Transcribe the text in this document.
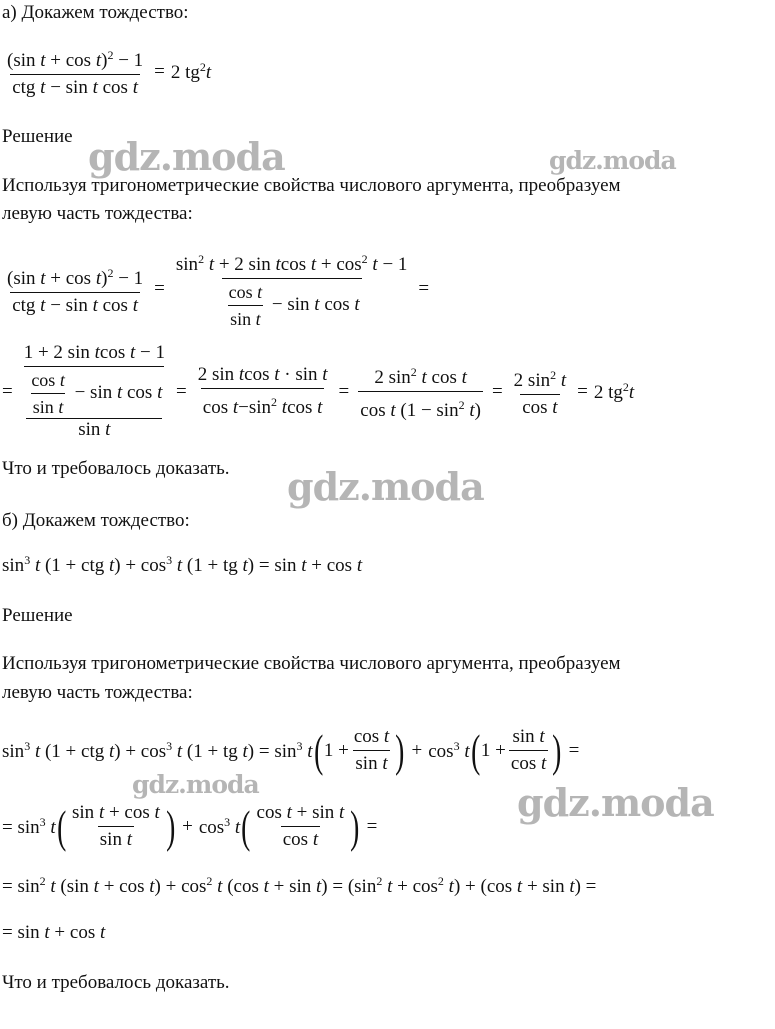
а) Докажем тождество:
$\frac{(\sin t + \cos t)^2 - 1}{\text{ctg t − sin t cos t}} = 2$ $tg^2t$
Решение
Используя тригонометрические свойства числового аргумента, преобразуем
левую часть тождества:
$\frac{(\sin t + \cos t)^2 - 1}{\text{ctg t − sin t cos t}} = \frac{\sin^2 t + 2 \sin tcos t + \cos^2 t - 1}{\frac{\text{cos t}}{\text{sin t}} - \sin t \cos t}$ =
=
1 + 2 sin tcos t − 1
$\frac{\text{cos t}}{\text{sin t}} - \sin t$ cos t

sin t
= $\frac{\text{2 sin tcos t · sin t}}{\cos t-\sin^2 tcos t} = \frac{2 \sin^2 t \cos t}{\cos t (1 - \sin^2 t)} = \frac{2 \sin^2 t}{\text{cos t}} = 2$ $tg^2t$
Что и требовалось доказать.
б) Докажем тождество:
$\sin^3 t$ (1 + ctg $t) + \cos^3 t$ (1 + tg t) = sin t + cos t
Решение
Используя тригонометрические свойства числового аргумента, преобразуем
левую часть тождества:
$\sin^3 t$ (1 + ctg $t) + \cos^3 t$ (1 + tg $t) = \sin^3 t$ ( $1 + \frac{\text{cos t}}{\text{sin t}}$ ) + $\cos^3 t$ ( $1 + \frac{\text{sin t}}{\text{cos t}}$ ) =
= $\sin^3 t$ ( $\frac{\text{sin t + cos t}}{\text{sin t}}$ ) + $\cos^3 t$ ( $\frac{\text{cos t + sin t}}{\text{cos t}}$ ) =
= $\sin^2 t$ (sin $t + \cos t) + \cos^2 t$ (cos $t + \sin t) = (\sin^2$ $t + \cos^2 t) + (\cos$ t + sin t) =
= sin t + cos t
Что и требовалось доказать.
gdz.moda	gdz.moda
gdz.moda
gdz.moda	gdz.moda
